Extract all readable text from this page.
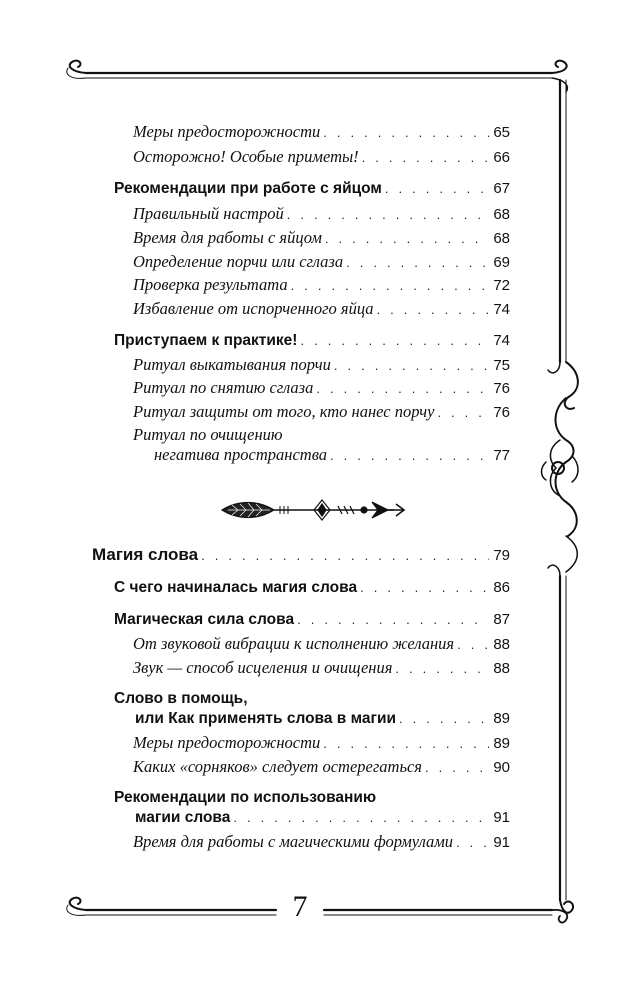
Меры предосторожности . . .	65
Осторожно! Особые приметы! . . .	66
Рекомендации при работе с яйцом . . .	67
Правильный настрой . . .	68
Время для работы с яйцом . . .	68
Определение порчи или сглаза . . .	69
Проверка результата . . .	72
Избавление от испорченного яйца . . .	74
Приступаем к практике! . . .	74
Ритуал выкатывания порчи . . .	75
Ритуал по снятию сглаза . . .	76
Ритуал защиты от того, кто нанес порчу . . .	76
Ритуал по очищению
негатива пространства . . .	77
Магия слова . . .	79
С чего начиналась магия слова . . .	86
Магическая сила слова . . .	87
От звуковой вибрации к исполнению желания . . .	88
Звук — способ исцеления и очищения . . .	88
Слово в помощь,
или Как применять слова в магии . . .	89
Меры предосторожности . . .	89
Каких «сорняков» следует остерегаться . . .	90
Рекомендации по использованию
магии слова . . .	91
Время для работы с магическими формулами . . .	91
7
